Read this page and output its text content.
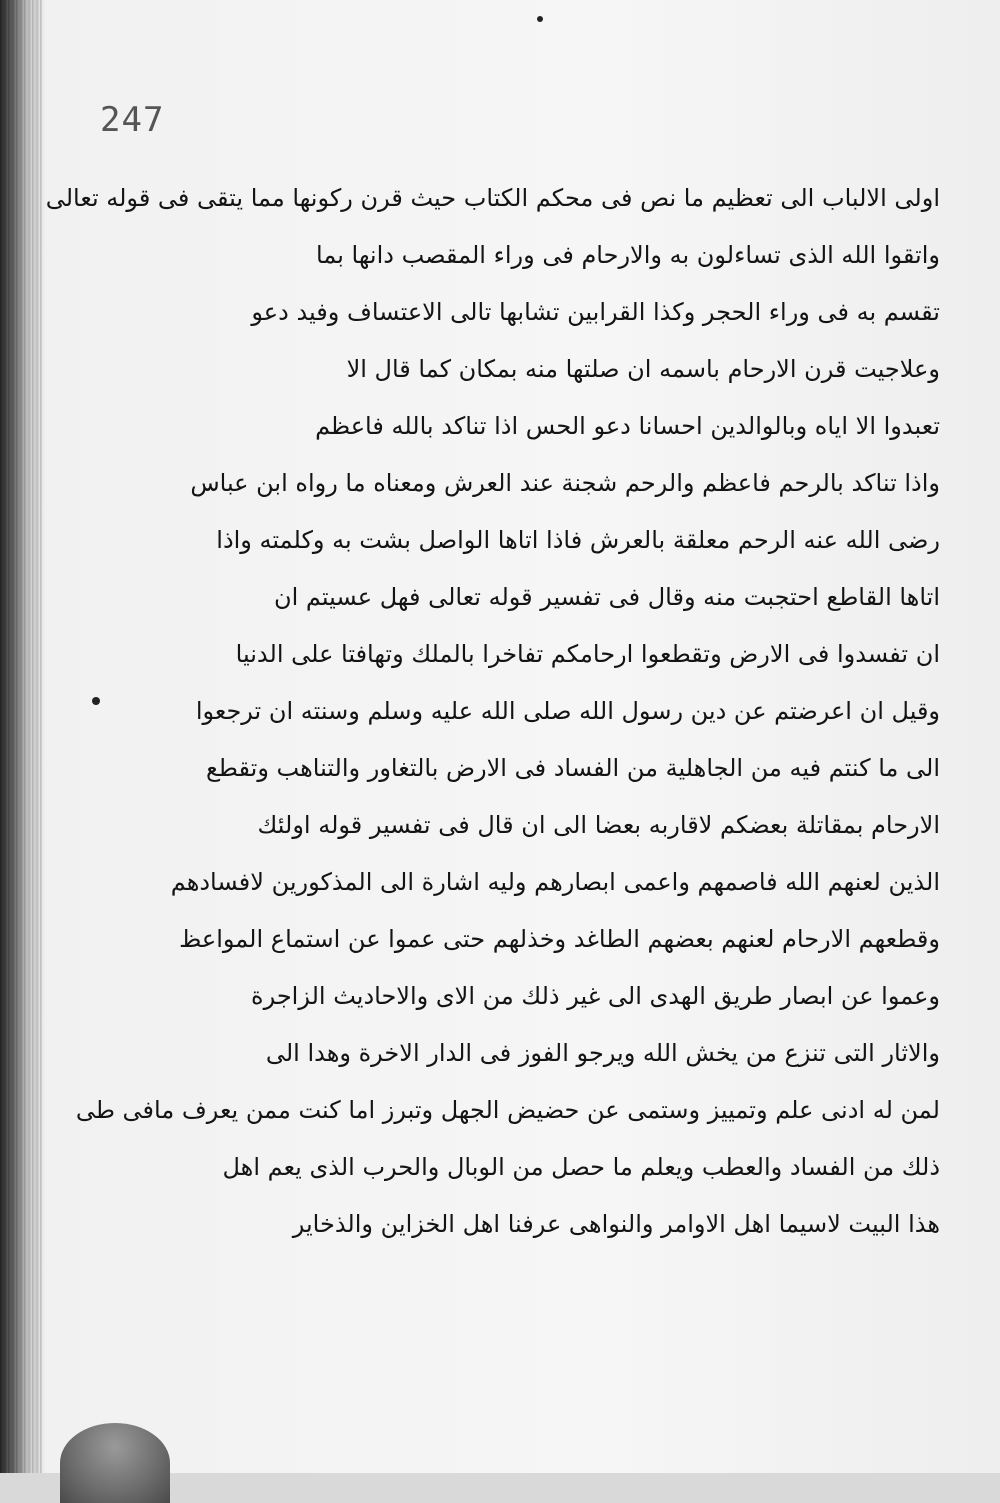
247
اولى الالباب الى تعظيم ما نص فى محكم الكتاب حيث قرن ركونها مما يتقى فى قوله تعالى
واتقوا الله الذى تساءلون به والارحام فى وراء المقصب دانها بما
تقسم به فى وراء الحجر وكذا القرابين تشابها تالى الاعتساف وفيد دعو
وعلاجيت قرن الارحام باسمه ان صلتها منه بمكان كما قال الا
تعبدوا الا اياه وبالوالدين احسانا دعو الحس اذا تناكد بالله فاعظم
واذا تناكد بالرحم فاعظم والرحم شجنة عند العرش ومعناه ما رواه ابن عباس
رضى الله عنه الرحم معلقة بالعرش فاذا اتاها الواصل بشت به وكلمته واذا
اتاها القاطع احتجبت منه وقال فى تفسير قوله تعالى فهل عسيتم ان
ان تفسدوا فى الارض وتقطعوا ارحامكم تفاخرا بالملك وتهافتا على الدنيا
وقيل ان اعرضتم عن دين رسول الله صلى الله عليه وسلم وسنته ان ترجعوا
الى ما كنتم فيه من الجاهلية من الفساد فى الارض بالتغاور والتناهب وتقطع
الارحام بمقاتلة بعضكم لاقاربه بعضا الى ان قال فى تفسير قوله اولئك
الذين لعنهم الله فاصمهم واعمى ابصارهم وليه اشارة الى المذكورين لافسادهم
وقطعهم الارحام لعنهم بعضهم الطاغد وخذلهم حتى عموا عن استماع المواعظ
وعموا عن ابصار طريق الهدى الى غير ذلك من الاى والاحاديث الزاجرة
والاثار التى تنزع من يخش الله ويرجو الفوز فى الدار الاخرة وهدا الى
لمن له ادنى علم وتمييز وستمى عن حضيض الجهل وتبرز اما كنت ممن يعرف مافى طى
ذلك من الفساد والعطب ويعلم ما حصل من الوبال والحرب الذى يعم اهل
هذا البيت لاسيما اهل الاوامر والنواهى عرفنا اهل الخزاين والذخاير
